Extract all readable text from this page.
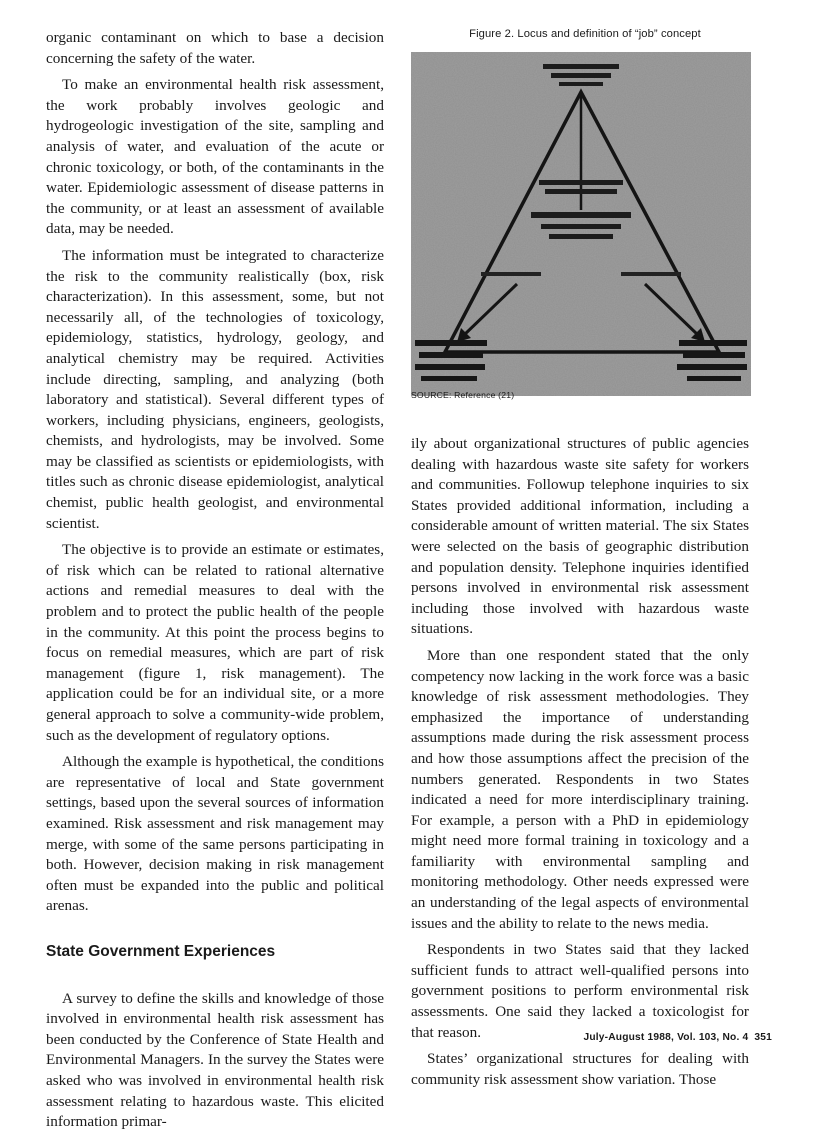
organic contaminant on which to base a decision concerning the safety of the water.

To make an environmental health risk assessment, the work probably involves geologic and hydrogeologic investigation of the site, sampling and analysis of water, and evaluation of the acute or chronic toxicology, or both, of the contaminants in the water. Epidemiologic assessment of disease patterns in the community, or at least an assessment of available data, may be needed.

The information must be integrated to characterize the risk to the community realistically (box, risk characterization). In this assessment, some, but not necessarily all, of the technologies of toxicology, epidemiology, statistics, hydrology, geology, and analytical chemistry may be required. Activities include directing, sampling, and analyzing (both laboratory and statistical). Several different types of workers, including physicians, engineers, geologists, chemists, and hydrologists, may be involved. Some may be classified as scientists or epidemiologists, with titles such as chronic disease epidemiologist, analytical chemist, public health geologist, and environmental scientist.

The objective is to provide an estimate or estimates, of risk which can be related to rational alternative actions and remedial measures to deal with the problem and to protect the public health of the people in the community. At this point the process begins to focus on remedial measures, which are part of risk management (figure 1, risk management). The application could be for an individual site, or a more general approach to solve a community-wide problem, such as the development of regulatory options.

Although the example is hypothetical, the conditions are representative of local and State government settings, based upon the several sources of information examined. Risk assessment and risk management may merge, with some of the same persons participating in both. However, decision making in risk management often must be expanded into the public and political arenas.

State Government Experiences

A survey to define the skills and knowledge of those involved in environmental health risk assessment has been conducted by the Conference of State Health and Environmental Managers. In the survey the States were asked who was involved in environmental health risk assessment relating to hazardous waste. This elicited information primar-

Figure 2. Locus and definition of “job” concept
SOURCE: Reference (21)

ily about organizational structures of public agencies dealing with hazardous waste site safety for workers and communities. Followup telephone inquiries to six States provided additional information, including a considerable amount of written material. The six States were selected on the basis of geographic distribution and population density. Telephone inquiries identified persons involved in environmental risk assessment including those involved with hazardous waste situations.

More than one respondent stated that the only competency now lacking in the work force was a basic knowledge of risk assessment methodologies. They emphasized the importance of understanding assumptions made during the risk assessment process and how those assumptions affect the precision of the numbers generated. Respondents in two States indicated a need for more interdisciplinary training. For example, a person with a PhD in epidemiology might need more formal training in toxicology and a familiarity with environmental sampling and monitoring methodology. Other needs expressed were an understanding of the legal aspects of environmental issues and the ability to relate to the news media.

Respondents in two States said that they lacked sufficient funds to attract well-qualified persons into government positions to perform environmental risk assessments. One said they lacked a toxicologist for that reason.

States’ organizational structures for dealing with community risk assessment show variation. Those

July-August 1988, Vol. 103, No. 4 351
